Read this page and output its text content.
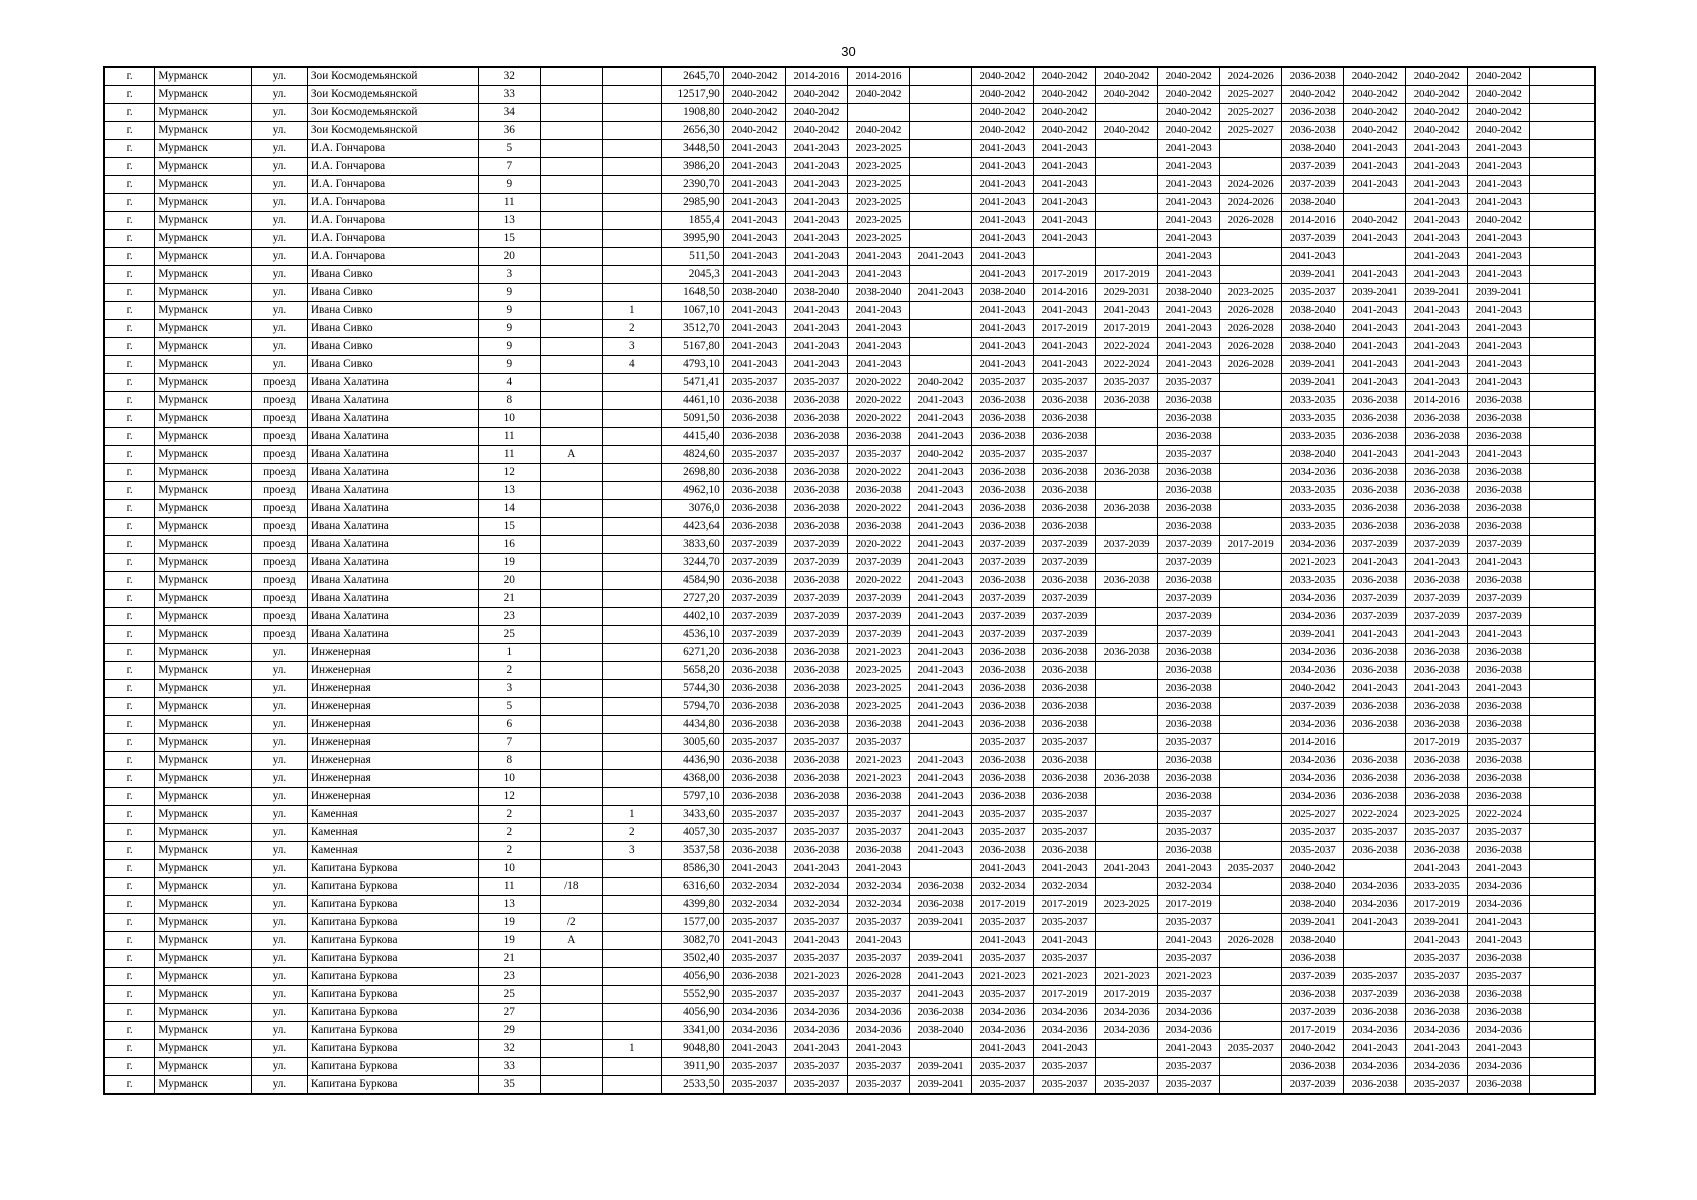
30
г.	Мурманск	ул.	Зои Космодемьянской	32			2645,70	2040-2042	2014-2016	2014-2016		2040-2042	2040-2042	2040-2042	2040-2042	2024-2026	2036-2038	2040-2042	2040-2042	2040-2042	
г.	Мурманск	ул.	Зои Космодемьянской	33			12517,90	2040-2042	2040-2042	2040-2042		2040-2042	2040-2042	2040-2042	2040-2042	2025-2027	2040-2042	2040-2042	2040-2042	2040-2042	
г.	Мурманск	ул.	Зои Космодемьянской	34			1908,80	2040-2042	2040-2042			2040-2042	2040-2042		2040-2042	2025-2027	2036-2038	2040-2042	2040-2042	2040-2042	
г.	Мурманск	ул.	Зои Космодемьянской	36			2656,30	2040-2042	2040-2042	2040-2042		2040-2042	2040-2042	2040-2042	2040-2042	2025-2027	2036-2038	2040-2042	2040-2042	2040-2042	
г.	Мурманск	ул.	И.А. Гончарова	5			3448,50	2041-2043	2041-2043	2023-2025		2041-2043	2041-2043		2041-2043		2038-2040	2041-2043	2041-2043	2041-2043	
г.	Мурманск	ул.	И.А. Гончарова	7			3986,20	2041-2043	2041-2043	2023-2025		2041-2043	2041-2043		2041-2043		2037-2039	2041-2043	2041-2043	2041-2043	
г.	Мурманск	ул.	И.А. Гончарова	9			2390,70	2041-2043	2041-2043	2023-2025		2041-2043	2041-2043		2041-2043	2024-2026	2037-2039	2041-2043	2041-2043	2041-2043	
г.	Мурманск	ул.	И.А. Гончарова	11			2985,90	2041-2043	2041-2043	2023-2025		2041-2043	2041-2043		2041-2043	2024-2026	2038-2040		2041-2043	2041-2043	
г.	Мурманск	ул.	И.А. Гончарова	13			1855,4	2041-2043	2041-2043	2023-2025		2041-2043	2041-2043		2041-2043	2026-2028	2014-2016	2040-2042	2041-2043	2040-2042	
г.	Мурманск	ул.	И.А. Гончарова	15			3995,90	2041-2043	2041-2043	2023-2025		2041-2043	2041-2043		2041-2043		2037-2039	2041-2043	2041-2043	2041-2043	
г.	Мурманск	ул.	И.А. Гончарова	20			511,50	2041-2043	2041-2043	2041-2043	2041-2043	2041-2043			2041-2043		2041-2043		2041-2043	2041-2043	
г.	Мурманск	ул.	Ивана Сивко	3			2045,3	2041-2043	2041-2043	2041-2043		2041-2043	2017-2019	2017-2019	2041-2043		2039-2041	2041-2043	2041-2043	2041-2043	
г.	Мурманск	ул.	Ивана Сивко	9			1648,50	2038-2040	2038-2040	2038-2040	2041-2043	2038-2040	2014-2016	2029-2031	2038-2040	2023-2025	2035-2037	2039-2041	2039-2041	2039-2041	
г.	Мурманск	ул.	Ивана Сивко	9		1	1067,10	2041-2043	2041-2043	2041-2043		2041-2043	2041-2043	2041-2043	2041-2043	2026-2028	2038-2040	2041-2043	2041-2043	2041-2043	
г.	Мурманск	ул.	Ивана Сивко	9		2	3512,70	2041-2043	2041-2043	2041-2043		2041-2043	2017-2019	2017-2019	2041-2043	2026-2028	2038-2040	2041-2043	2041-2043	2041-2043	
г.	Мурманск	ул.	Ивана Сивко	9		3	5167,80	2041-2043	2041-2043	2041-2043		2041-2043	2041-2043	2022-2024	2041-2043	2026-2028	2038-2040	2041-2043	2041-2043	2041-2043	
г.	Мурманск	ул.	Ивана Сивко	9		4	4793,10	2041-2043	2041-2043	2041-2043		2041-2043	2041-2043	2022-2024	2041-2043	2026-2028	2039-2041	2041-2043	2041-2043	2041-2043	
г.	Мурманск	проезд	Ивана Халатина	4			5471,41	2035-2037	2035-2037	2020-2022	2040-2042	2035-2037	2035-2037	2035-2037	2035-2037		2039-2041	2041-2043	2041-2043	2041-2043	
г.	Мурманск	проезд	Ивана Халатина	8			4461,10	2036-2038	2036-2038	2020-2022	2041-2043	2036-2038	2036-2038	2036-2038	2036-2038		2033-2035	2036-2038	2014-2016	2036-2038	
г.	Мурманск	проезд	Ивана Халатина	10			5091,50	2036-2038	2036-2038	2020-2022	2041-2043	2036-2038	2036-2038		2036-2038		2033-2035	2036-2038	2036-2038	2036-2038	
г.	Мурманск	проезд	Ивана Халатина	11			4415,40	2036-2038	2036-2038	2036-2038	2041-2043	2036-2038	2036-2038		2036-2038		2033-2035	2036-2038	2036-2038	2036-2038	
г.	Мурманск	проезд	Ивана Халатина	11	А		4824,60	2035-2037	2035-2037	2035-2037	2040-2042	2035-2037	2035-2037		2035-2037		2038-2040	2041-2043	2041-2043	2041-2043	
г.	Мурманск	проезд	Ивана Халатина	12			2698,80	2036-2038	2036-2038	2020-2022	2041-2043	2036-2038	2036-2038	2036-2038	2036-2038		2034-2036	2036-2038	2036-2038	2036-2038	
г.	Мурманск	проезд	Ивана Халатина	13			4962,10	2036-2038	2036-2038	2036-2038	2041-2043	2036-2038	2036-2038		2036-2038		2033-2035	2036-2038	2036-2038	2036-2038	
г.	Мурманск	проезд	Ивана Халатина	14			3076,0	2036-2038	2036-2038	2020-2022	2041-2043	2036-2038	2036-2038	2036-2038	2036-2038		2033-2035	2036-2038	2036-2038	2036-2038	
г.	Мурманск	проезд	Ивана Халатина	15			4423,64	2036-2038	2036-2038	2036-2038	2041-2043	2036-2038	2036-2038		2036-2038		2033-2035	2036-2038	2036-2038	2036-2038	
г.	Мурманск	проезд	Ивана Халатина	16			3833,60	2037-2039	2037-2039	2020-2022	2041-2043	2037-2039	2037-2039	2037-2039	2037-2039	2017-2019	2034-2036	2037-2039	2037-2039	2037-2039	
г.	Мурманск	проезд	Ивана Халатина	19			3244,70	2037-2039	2037-2039	2037-2039	2041-2043	2037-2039	2037-2039		2037-2039		2021-2023	2041-2043	2041-2043	2041-2043	
г.	Мурманск	проезд	Ивана Халатина	20			4584,90	2036-2038	2036-2038	2020-2022	2041-2043	2036-2038	2036-2038	2036-2038	2036-2038		2033-2035	2036-2038	2036-2038	2036-2038	
г.	Мурманск	проезд	Ивана Халатина	21			2727,20	2037-2039	2037-2039	2037-2039	2041-2043	2037-2039	2037-2039		2037-2039		2034-2036	2037-2039	2037-2039	2037-2039	
г.	Мурманск	проезд	Ивана Халатина	23			4402,10	2037-2039	2037-2039	2037-2039	2041-2043	2037-2039	2037-2039		2037-2039		2034-2036	2037-2039	2037-2039	2037-2039	
г.	Мурманск	проезд	Ивана Халатина	25			4536,10	2037-2039	2037-2039	2037-2039	2041-2043	2037-2039	2037-2039		2037-2039		2039-2041	2041-2043	2041-2043	2041-2043	
г.	Мурманск	ул.	Инженерная	1			6271,20	2036-2038	2036-2038	2021-2023	2041-2043	2036-2038	2036-2038	2036-2038	2036-2038		2034-2036	2036-2038	2036-2038	2036-2038	
г.	Мурманск	ул.	Инженерная	2			5658,20	2036-2038	2036-2038	2023-2025	2041-2043	2036-2038	2036-2038		2036-2038		2034-2036	2036-2038	2036-2038	2036-2038	
г.	Мурманск	ул.	Инженерная	3			5744,30	2036-2038	2036-2038	2023-2025	2041-2043	2036-2038	2036-2038		2036-2038		2040-2042	2041-2043	2041-2043	2041-2043	
г.	Мурманск	ул.	Инженерная	5			5794,70	2036-2038	2036-2038	2023-2025	2041-2043	2036-2038	2036-2038		2036-2038		2037-2039	2036-2038	2036-2038	2036-2038	
г.	Мурманск	ул.	Инженерная	6			4434,80	2036-2038	2036-2038	2036-2038	2041-2043	2036-2038	2036-2038		2036-2038		2034-2036	2036-2038	2036-2038	2036-2038	
г.	Мурманск	ул.	Инженерная	7			3005,60	2035-2037	2035-2037	2035-2037		2035-2037	2035-2037		2035-2037		2014-2016		2017-2019	2035-2037	
г.	Мурманск	ул.	Инженерная	8			4436,90	2036-2038	2036-2038	2021-2023	2041-2043	2036-2038	2036-2038		2036-2038		2034-2036	2036-2038	2036-2038	2036-2038	
г.	Мурманск	ул.	Инженерная	10			4368,00	2036-2038	2036-2038	2021-2023	2041-2043	2036-2038	2036-2038	2036-2038	2036-2038		2034-2036	2036-2038	2036-2038	2036-2038	
г.	Мурманск	ул.	Инженерная	12			5797,10	2036-2038	2036-2038	2036-2038	2041-2043	2036-2038	2036-2038		2036-2038		2034-2036	2036-2038	2036-2038	2036-2038	
г.	Мурманск	ул.	Каменная	2		1	3433,60	2035-2037	2035-2037	2035-2037	2041-2043	2035-2037	2035-2037		2035-2037		2025-2027	2022-2024	2023-2025	2022-2024	
г.	Мурманск	ул.	Каменная	2		2	4057,30	2035-2037	2035-2037	2035-2037	2041-2043	2035-2037	2035-2037		2035-2037		2035-2037	2035-2037	2035-2037	2035-2037	
г.	Мурманск	ул.	Каменная	2		3	3537,58	2036-2038	2036-2038	2036-2038	2041-2043	2036-2038	2036-2038		2036-2038		2035-2037	2036-2038	2036-2038	2036-2038	
г.	Мурманск	ул.	Капитана Буркова	10			8586,30	2041-2043	2041-2043	2041-2043		2041-2043	2041-2043	2041-2043	2041-2043	2035-2037	2040-2042		2041-2043	2041-2043	
г.	Мурманск	ул.	Капитана Буркова	11	/18		6316,60	2032-2034	2032-2034	2032-2034	2036-2038	2032-2034	2032-2034		2032-2034		2038-2040	2034-2036	2033-2035	2034-2036	
г.	Мурманск	ул.	Капитана Буркова	13			4399,80	2032-2034	2032-2034	2032-2034	2036-2038	2017-2019	2017-2019	2023-2025	2017-2019		2038-2040	2034-2036	2017-2019	2034-2036	
г.	Мурманск	ул.	Капитана Буркова	19	/2		1577,00	2035-2037	2035-2037	2035-2037	2039-2041	2035-2037	2035-2037		2035-2037		2039-2041	2041-2043	2039-2041	2041-2043	
г.	Мурманск	ул.	Капитана Буркова	19	А		3082,70	2041-2043	2041-2043	2041-2043		2041-2043	2041-2043		2041-2043	2026-2028	2038-2040		2041-2043	2041-2043	
г.	Мурманск	ул.	Капитана Буркова	21			3502,40	2035-2037	2035-2037	2035-2037	2039-2041	2035-2037	2035-2037		2035-2037		2036-2038		2035-2037	2036-2038	
г.	Мурманск	ул.	Капитана Буркова	23			4056,90	2036-2038	2021-2023	2026-2028	2041-2043	2021-2023	2021-2023	2021-2023	2021-2023		2037-2039	2035-2037	2035-2037	2035-2037	
г.	Мурманск	ул.	Капитана Буркова	25			5552,90	2035-2037	2035-2037	2035-2037	2041-2043	2035-2037	2017-2019	2017-2019	2035-2037		2036-2038	2037-2039	2036-2038	2036-2038	
г.	Мурманск	ул.	Капитана Буркова	27			4056,90	2034-2036	2034-2036	2034-2036	2036-2038	2034-2036	2034-2036	2034-2036	2034-2036		2037-2039	2036-2038	2036-2038	2036-2038	
г.	Мурманск	ул.	Капитана Буркова	29			3341,00	2034-2036	2034-2036	2034-2036	2038-2040	2034-2036	2034-2036	2034-2036	2034-2036		2017-2019	2034-2036	2034-2036	2034-2036	
г.	Мурманск	ул.	Капитана Буркова	32		1	9048,80	2041-2043	2041-2043	2041-2043		2041-2043	2041-2043		2041-2043	2035-2037	2040-2042	2041-2043	2041-2043	2041-2043	
г.	Мурманск	ул.	Капитана Буркова	33			3911,90	2035-2037	2035-2037	2035-2037	2039-2041	2035-2037	2035-2037		2035-2037		2036-2038	2034-2036	2034-2036	2034-2036	
г.	Мурманск	ул.	Капитана Буркова	35			2533,50	2035-2037	2035-2037	2035-2037	2039-2041	2035-2037	2035-2037	2035-2037	2035-2037		2037-2039	2036-2038	2035-2037	2036-2038	
